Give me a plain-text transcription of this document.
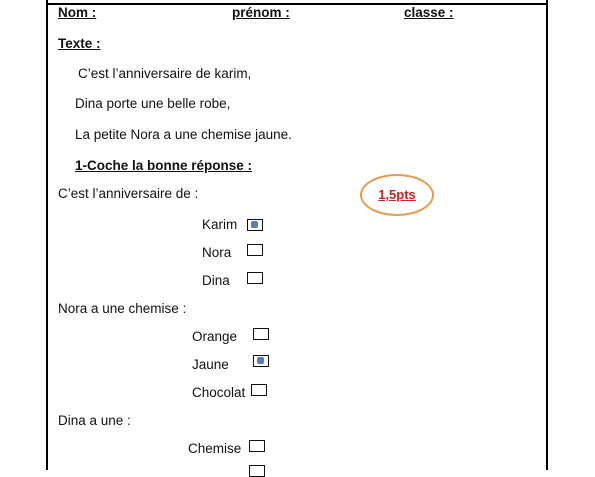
Nom :	prénom :	classe :
Texte :
C’est l’anniversaire de karim,
Dina porte une belle robe,
La petite Nora a une chemise jaune.
1-Coche la bonne réponse :
1,5pts
C’est l’anniversaire de :
Karim
Nora
Dina
Nora a une chemise :
Orange
Jaune
Chocolat
Dina a une :
Chemise
